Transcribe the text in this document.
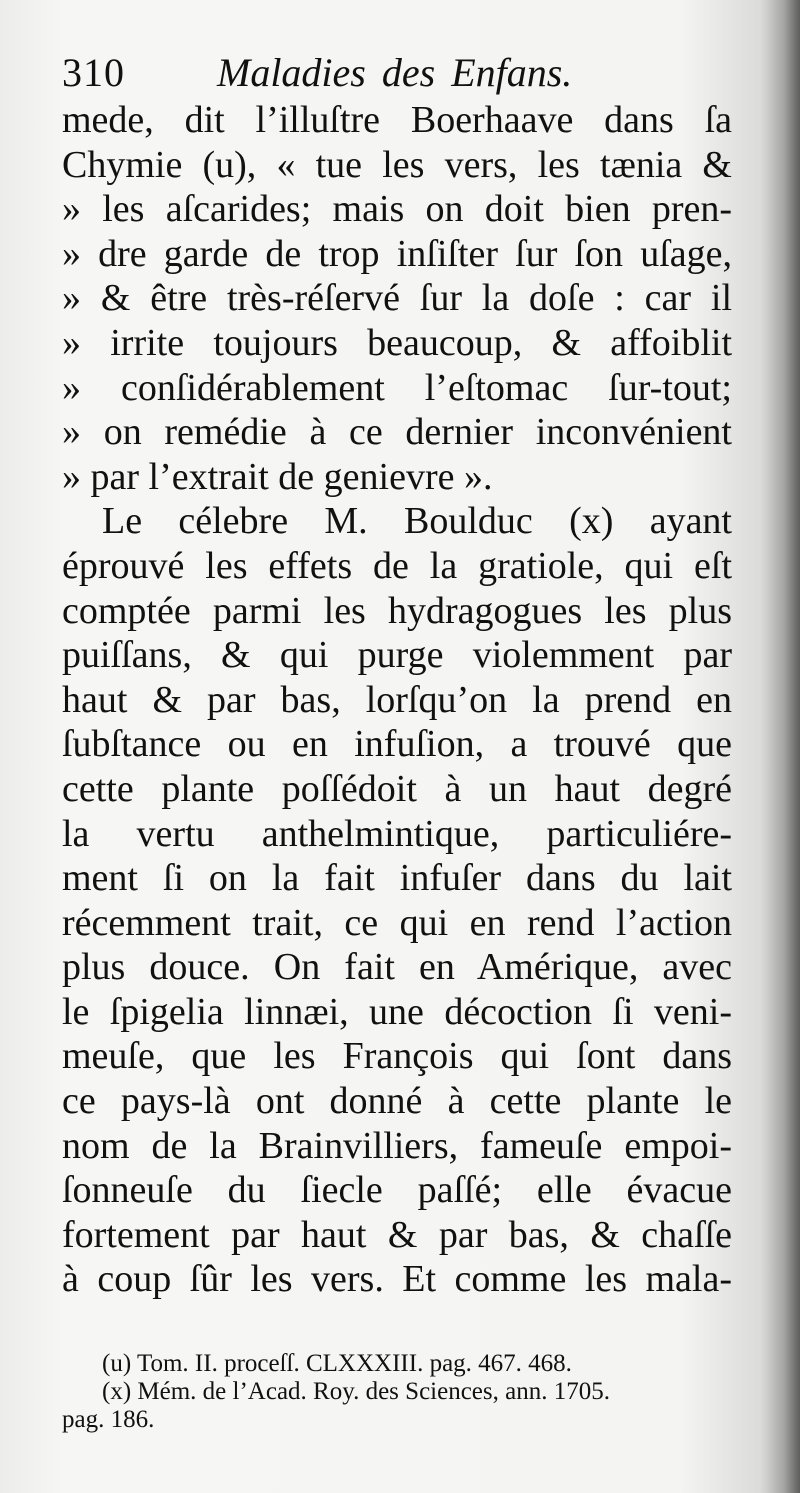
310 Maladies des Enfans.
mede, dit l’illuſtre Boerhaave dans ſa
Chymie (u), « tue les vers, les tænia &
» les aſcarides; mais on doit bien pren-
» dre garde de trop inſiſter ſur ſon uſage,
» & être très-réſervé ſur la doſe : car il
» irrite toujours beaucoup, & affoiblit
» conſidérablement l’eſtomac ſur-tout;
» on remédie à ce dernier inconvénient
» par l’extrait de genievre ».
Le célebre M. Boulduc (x) ayant
éprouvé les effets de la gratiole, qui eſt
comptée parmi les hydragogues les plus
puiſſans, & qui purge violemment par
haut & par bas, lorſqu’on la prend en
ſubſtance ou en infuſion, a trouvé que
cette plante poſſédoit à un haut degré
la vertu anthelmintique, particuliére-
ment ſi on la fait infuſer dans du lait
récemment trait, ce qui en rend l’action
plus douce. On fait en Amérique, avec
le ſpigelia linnæi, une décoction ſi veni-
meuſe, que les François qui ſont dans
ce pays-là ont donné à cette plante le
nom de la Brainvilliers, fameuſe empoi-
ſonneuſe du ſiecle paſſé; elle évacue
fortement par haut & par bas, & chaſſe
à coup ſûr les vers. Et comme les mala-
(u) Tom. II. proceſſ. CLXXXIII. pag. 467. 468.
(x) Mém. de l’Acad. Roy. des Sciences, ann. 1705.
pag. 186.
